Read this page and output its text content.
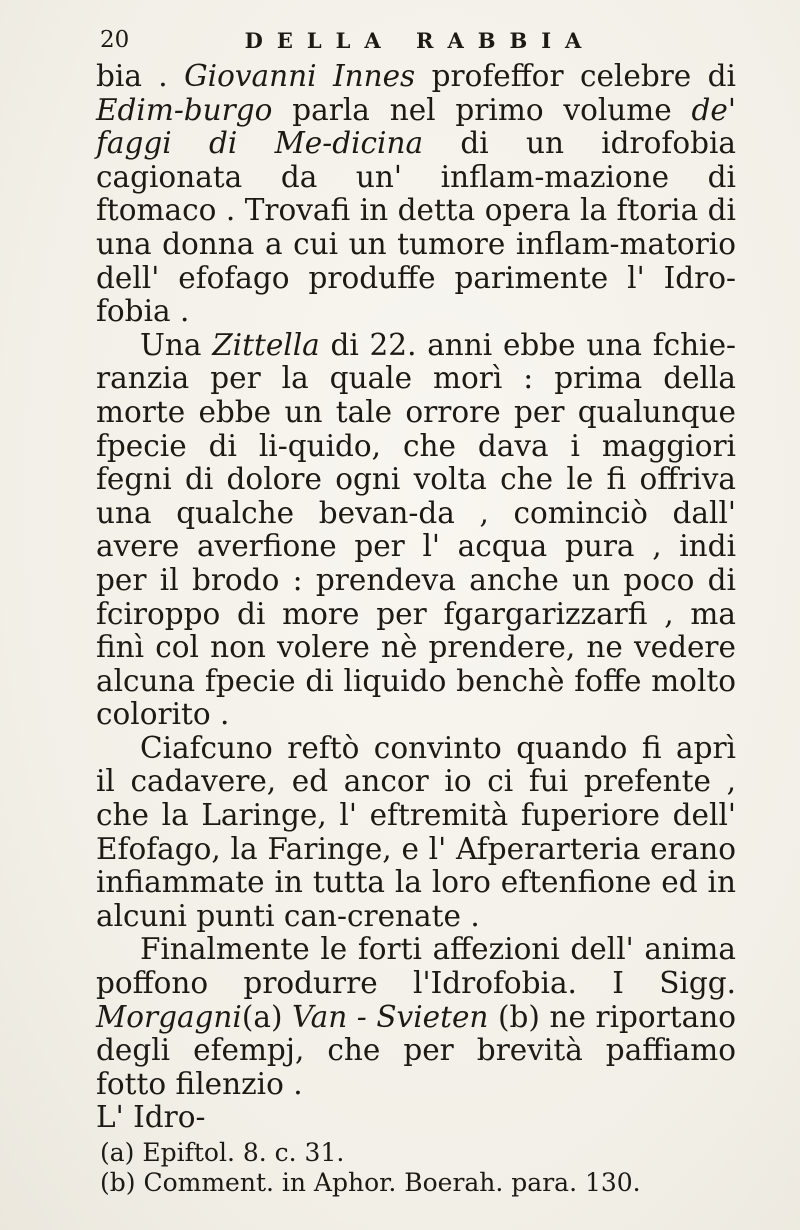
20	DELLA RABBIA

bia . Giovanni Innes profeffor celebre di Edim-burgo parla nel primo volume de' faggi di Me-dicina di un idrofobia cagionata da un' inflam-mazione di ftomaco . Trovafi in detta opera la ftoria di una donna a cui un tumore inflam-matorio dell' efofago produffe parimente l' Idro-fobia .

Una Zittella di 22. anni ebbe una fchie-ranzia per la quale morì : prima della morte ebbe un tale orrore per qualunque fpecie di li-quido, che dava i maggiori fegni di dolore ogni volta che le fi offriva una qualche bevan-da , cominciò dall' avere averfione per l' acqua pura , indi per il brodo : prendeva anche un poco di fciroppo di more per fgargarizzarfi , ma finì col non volere nè prendere, ne vedere alcuna fpecie di liquido benchè foffe molto colorito .

Ciafcuno reftò convinto quando fi aprì il cadavere, ed ancor io ci fui prefente , che la Laringe, l' eftremità fuperiore dell' Efofago, la Faringe, e l' Afperarteria erano infiammate in tutta la loro eftenfione ed in alcuni punti can-crenate .

Finalmente le forti affezioni dell' anima poffono produrre l'Idrofobia. I Sigg. Morgagni(a) Van - Svieten (b) ne riportano degli efempj, che per brevità paffiamo fotto filenzio .

L' Idro-

(a) Epiftol. 8. c. 31.
(b) Comment. in Aphor. Boerah. para. 130.
